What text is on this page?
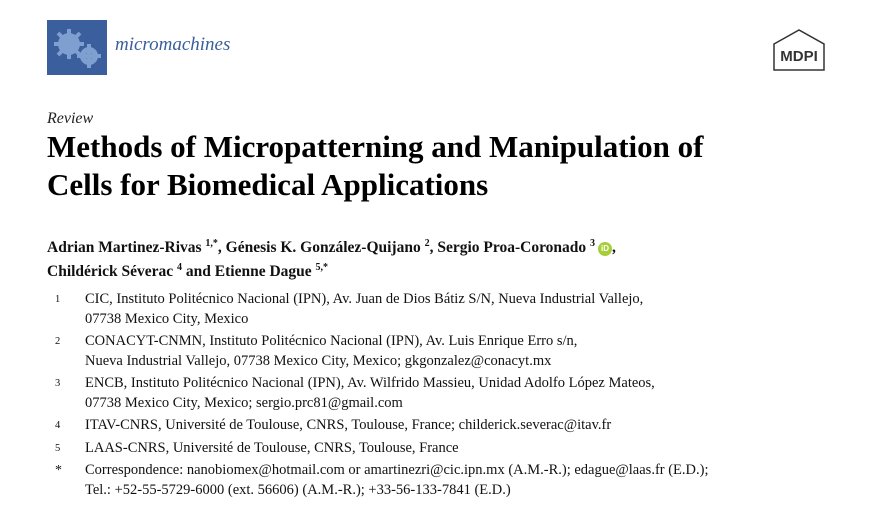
micromachines
MDPI
Review
Methods of Micropatterning and Manipulation of
Cells for Biomedical Applications
Adrian Martinez-Rivas $^{1,*}$, Génesis K. González-Quijano $^2$, Sergio Proa-Coronado $^3$ iD ,
Childérick Séverac $^4$ and Etienne Dague $^{5,*}$
1	CIC, Instituto Politécnico Nacional (IPN), Av. Juan de Dios Bátiz S/N, Nueva Industrial Vallejo,
07738 Mexico City, Mexico
2	CONACYT-CNMN, Instituto Politécnico Nacional (IPN), Av. Luis Enrique Erro s/n,
Nueva Industrial Vallejo, 07738 Mexico City, Mexico; gkgonzalez@conacyt.mx
3	ENCB, Instituto Politécnico Nacional (IPN), Av. Wilfrido Massieu, Unidad Adolfo López Mateos,
07738 Mexico City, Mexico; sergio.prc81@gmail.com
4	ITAV-CNRS, Université de Toulouse, CNRS, Toulouse, France; childerick.severac@itav.fr
5	LAAS-CNRS, Université de Toulouse, CNRS, Toulouse, France
*	Correspondence: nanobiomex@hotmail.com or amartinezri@cic.ipn.mx (A.M.-R.); edague@laas.fr (E.D.);
Tel.: +52-55-5729-6000 (ext. 56606) (A.M.-R.); +33-56-133-7841 (E.D.)
